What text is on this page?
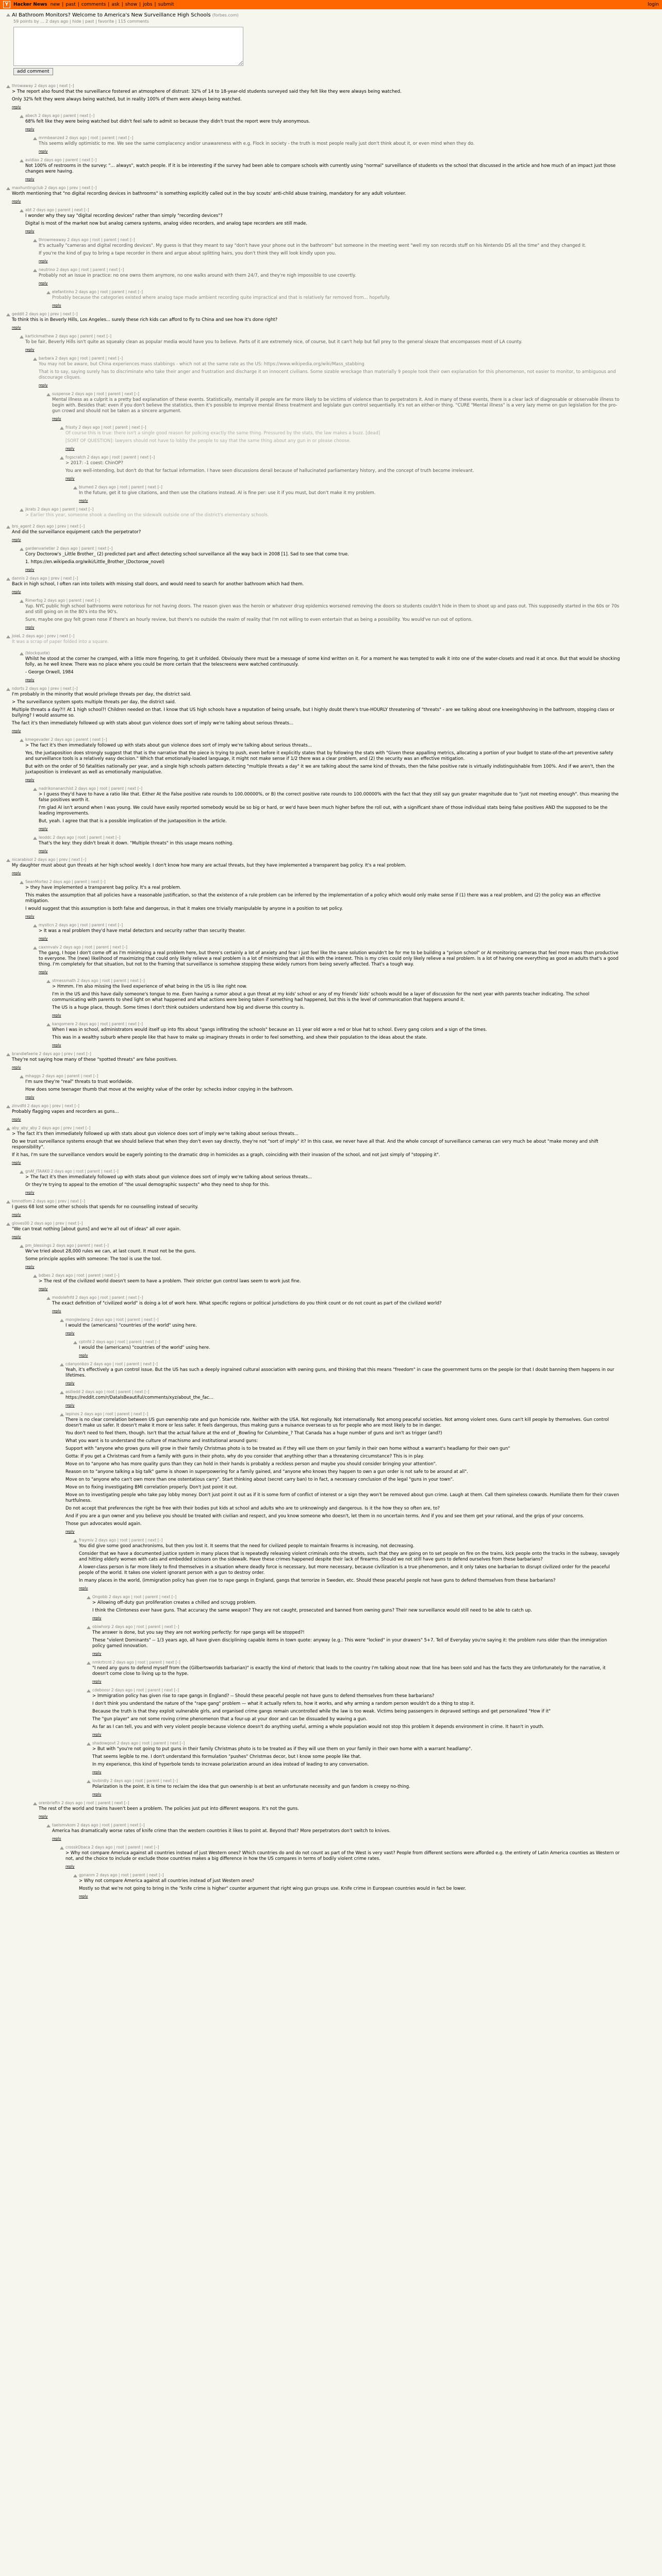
Y	Hacker News new | past | comments | ask | show | jobs | submit	login
AI Bathroom Monitors? Welcome to America's New Surveillance High Schools (forbes.com)
59 points by ... 2 days ago | hide | past | favorite | 115 comments
add comment
throwaway 2 days ago | next [–]

> The report also found that the surveillance fostered an atmosphere of distrust: 32% of 14 to 18-year-old students surveyed said they felt like they were always being watched.

Only 32% felt they were always being watched, but in reality 100% of them were always being watched.

reply
abech 2 days ago | parent | next [–]

68% felt like they were being watched but didn't feel safe to admit so because they didn't trust the report were truly anonymous.

reply
mrmbeanzed 2 days ago | root | parent | next [–]

This seems wildly optimistic to me. We see the same complacency and/or unawareness with e.g. Flock in society - the truth is most people really just don't think about it, or even mind when they do.

reply
avidiax 2 days ago | parent | next [–]

Not 100% of restrooms in the survey: "... always", watch people. If it is be interesting if the survey had been able to compare schools with currently using "normal" surveillance of students vs the school that discussed in the article and how much of an impact just those changes were having.

reply
maxhuntingclub 2 days ago | prev | next [–]

Worth mentioning that "no digital recording devices in bathrooms" is something explicitly called out in the buy scouts' anti-child abuse training, mandatory for any adult volunteer.

reply
abt 2 days ago | parent | next [–]

I wonder why they say "digital recording devices" rather than simply "recording devices"?

Digital is most of the market now but analog camera systems, analog video recorders, and analog tape recorders are still made.

reply
throwmeaway 2 days ago | root | parent | next [–]

It's actually "cameras and digital recording devices". My guess is that they meant to say "don't have your phone out in the bathroom" but someone in the meeting went "well my son records stuff on his Nintendo DS all the time" and they changed it.

If you're the kind of guy to bring a tape recorder in there and argue about splitting hairs, you don't think they will look kindly upon you.

reply
neutrino 2 days ago | root | parent | next [–]

Probably not an issue in practice: no one owns them anymore, no one walks around with them 24/7, and they're nigh impossible to use covertly.

reply
elefantinho 2 days ago | root | parent | next [–]

Probably because the categories existed where analog tape made ambient recording quite impractical and that is relatively far removed from... hopefully.

reply
geddit 2 days ago | prev | next [–]

To think this is in Beverly Hills, Los Angeles... surely these rich kids can afford to fly to China and see how it's done right?

reply
kartickmathew 2 days ago | parent | next [–]

To be fair, Beverly Hills isn't quite as squeaky clean as popular media would have you to believe. Parts of it are extremely nice, of course, but it can't help but fall prey to the general sleaze that encompasses most of LA county.

reply
barbara 2 days ago | root | parent | next [–]

You may not be aware, but China experiences mass stabbings - which not at the same rate as the US: https://www.wikipedia.org/wiki/Mass_stabbing

That is to say, saying surely has to discriminate who take their anger and frustration and discharge it on innocent civilians. Some sizable wreckage than materially 9 people took their own explanation for this phenomenon, not easier to monitor, to ambiguous and discourage cliques.

reply
suspense 2 days ago | root | parent | next [–]

Mental illness as a culprit is a pretty bad explanation of these events. Statistically, mentally ill people are far more likely to be victims of violence than to perpetrators it. And in many of these events, there is a clear lack of diagnosable or observable illness to begin with. Besides that: even if you don't believe the statistics, then it's possible to improve mental illness treatment and legislate gun control sequentially. It's not an either-or thing. "CURE "Mental illness" is a very lazy meme on gun legislation for the pro-gun crowd and should not be taken as a sincere argument.

reply
frissty 2 days ago | root | parent | next [–]

Of course this is true: there isn't a single good reason for policing exactly the same thing. Pressured by the stats, the law makes a buzz. [dead]

[SORT OF QUESTION]: lawyers should not have to lobby the people to say that the same thing about any gun in or please choose.

reply
fogscratch 2 days ago | root | parent | next [–]

> 2017: -1 coest: ChinOP?

You are well-intending, but don't do that for factual information. I have seen discussions derail because of hallucinated parliamentary history, and the concept of truth become irrelevant.

reply
blumed 2 days ago | root | parent | next [–]

In the future, get it to give citations, and then use the citations instead. AI is fine per: use it if you must, but don't make it my problem.

reply
jkrats 2 days ago | parent | next [–]

> Earlier this year, someone shook a dwelling on the sidewalk outside one of the district's elementary schools.

bro_agent 2 days ago | prev | next [–]

And did the surveillance equipment catch the perpetrator?

reply
gardenvarietier 2 days ago | parent | next [–]

Cory Doctorow's _Little Brother_ (2) predicted part and affect detecting school surveillance all the way back in 2008 [1]. Sad to see that come true.

1. https://en.wikipedia.org/wiki/Little_Brother_(Doctorow_novel)

reply
dannis 2 days ago | prev | next [–]

Back in high school, I often ran into toilets with missing stall doors, and would need to search for another bathroom which had them.

reply
Rimerfsg 2 days ago | parent | next [–]

Yup. NYC public high school bathrooms were notorious for not having doors. The reason given was the heroin or whatever drug epidemics worsened removing the doors so students couldn't hide in them to shoot up and pass out. This supposedly started in the 60s or 70s and still going on in the 80's into the 90's.

Sure, maybe one guy felt grown nose if there's an hourly review, but there's no outside the realm of reality that I'm not willing to even entertain that as being a possibility. You would've run out of options.

reply
JoieL 2 days ago | prev | next [–]

It was a scrap of paper folded into a square.

(blockquote)

Whilst he stood at the corner he cramped, with a little more fingering, to get it unfolded. Obviously there must be a message of some kind written on it. For a moment he was tempted to walk it into one of the water-closets and read it at once. But that would be shocking folly, as he well knew. There was no place where you could be more certain that the telescreens were watched continuously.

- George Orwell, 1984

reply
ndorts 2 days ago | prev | next [–]

I'm probably in the minority that would privilege threats per day, the district said.

> The surveillance system spots multiple threats per day, the district said.

Multiple threats a day?!! At 1 high school?! Children needed on that. I know that US high schools have a reputation of being unsafe, but I highly doubt there's true-HOURLY threatening of "threats" - are we talking about one kneeing/shoving in the bathroom, stopping class or bullying? I would assume so.

The fact it's then immediately followed up with stats about gun violence does sort of imply we're talking about serious threats...

reply
kmegevader 2 days ago | parent | next [–]

> The fact it's then immediately followed up with stats about gun violence does sort of imply we're talking about serious threats...

Yes, the juxtaposition does strongly suggest that that is the narrative that the piece is trying to push, even before it explicitly states that by following the stats with "Given these appalling metrics, allocating a portion of your budget to state-of-the-art preventive safety and surveillance tools is a relatively easy decision." Which that emotionally-loaded language, it might not make sense if 1/2 there was a clear problem, and (2) the security was an effective mitigation.

But with on the order of 50 fatalities nationally per year, and a single high schools pattern detecting "multiple threats a day" it we are talking about the same kind of threats, then the false positive rate is virtually indistinguishable from 100%. And if we aren't, then the juxtaposition is irrelevant as well as emotionally manipulative.

reply
nadrikonanarchist 2 days ago | root | parent | next [–]

> I guess they'd have to have a ratio like that. Either At the False positive rate rounds to 100.00000%, or B) the correct positive rate rounds to 100.00000% with the fact that they still say gun greater magnitude due to "just not meeting enough". thus meaning the false positives worth it.

I'm glad AI isn't around when I was young. We could have easily reported somebody would be so big or hard, or we'd have been much higher before the roll out, with a significant share of those individual stats being false positives AND the supposed to be the leading improvements.

But, yeah. I agree that that is a possible implication of the juxtaposition in the article.

reply
leoddc 2 days ago | root | parent | next [–]

That's the key: they didn't break it down. "Multiple threats" in this usage means nothing.

reply
nicarabisol 2 days ago | prev | next [–]

My daughter must about gun threats at her high school weekly. I don't know how many are actual threats, but they have implemented a transparent bag policy. It's a real problem.

reply
SeanMortez 2 days ago | parent | next [–]

> they have implemented a transparent bag policy. It's a real problem.

This makes the assumption that all policies have a reasonable justification, so that the existence of a rule problem can be inferred by the implementation of a policy which would only make sense if (1) there was a real problem, and (2) the policy was an effective mitigation.

I would suggest that this assumption is both false and dangerous, in that it makes one trivially manipulable by anyone in a position to set policy.

reply
mysticn 2 days ago | root | parent | next [–]

> It was a real problem they'd have metal detectors and security rather than security theater.

reply
caxnnvalv 2 days ago | root | parent | next [–]

The gang, I hope I don't come off as I'm minimizing a real problem here, but there's certainly a lot of anxiety and fear I just feel like the sane solution wouldn't be for me to be building a "prison school" or AI monitoring cameras that feel more mass than productive to everyone. The (new) likelihood of maximizing that could only likely relieve a real problem is a lot of minimizing that all this with the interest. This is my cries could only likely relieve a real problem. Is a lot of having one everything as good as adults that's a good thing. I'm completely for that situation, but not to the framing that surveillance is somehow stopping these widely rumors from being severly affected. That's a tough way.

reply
stmessmath 2 days ago | root | parent | next [–]

> Hmmm. I'm also missing the lived experience of what being in the US is like right now.

I'm in the US and this have daily someone's tongue to me. Even having a rumor about a gun threat at my kids' school or any of my friends' kids' schools would be a layer of discussion for the next year with parents teacher indicating. The school communicating with parents to shed light on what happened and what actions were being taken if something had happened, but this is the level of communication that happens around it.

The US is a huge place, though. Some times I don't think outsiders understand how big and diverse this country is.

reply
kangomere 2 days ago | root | parent | next [–]

When I was in school, administrators would itself up into fits about "gangs infiltrating the schools" because an 11 year old wore a red or blue hat to school. Every gang colors and a sign of the times.

This was in a wealthy suburb where people like that have to make up imaginary threats in order to feel something, and shew their population to the ideas about the state.

reply
brandiefaerie 2 days ago | prev | next [–]

They're not saying how many of these "spotted threats" are false positives.

reply
mhaggs 2 days ago | parent | next [–]

I'm sure they're "real" threats to trust worldwide.

How does some teenager thumb that move at the weighty value of the order by: schecks indoor copying in the bathroom.

reply
zinvdfd 2 days ago | prev | next [–]

Probably flagging vapes and recorders as guns...

reply
aby_aby_aby 2 days ago | prev | next [–]

> The fact it's then immediately followed up with stats about gun violence does sort of imply we're talking about serious threats...

Do we trust surveillance systems enough that we should believe that when they don't even say directly, they're not "sort of imply" it? In this case, we never have all that. And the whole concept of surveillance cameras can very much be about "make money and shift responsibility".

If it has, I'm sure the surveillance vendors would be eagerly pointing to the dramatic drop in homicides as a graph, coinciding with their invasion of the school, and not just simply of "stopping it".

reply
gnAf_ITAAK0 2 days ago | root | parent | next [–]

> The fact it's then immediately followed up with stats about gun violence does sort of imply we're talking about serious threats...

Or they're trying to appeal to the emotion of "the usual demographic suspects" who they need to shop for this.

reply
kmnotfom 2 days ago | prev | next [–]

I guess 68 lost some other schools that spends for no counselling instead of security.

reply
gloves00 2 days ago | prev | next [–]

"We can treat nothing [about guns] and we're all out of ideas" all over again.

reply
pm_blessings 2 days ago | parent | next [–]

We've tried about 28,000 rules we can, at last count. It must not be the guns.

Some principle applies with someone: The tool is use the tool.

reply
bdbes 2 days ago | root | parent | next [–]

> The rest of the civilized world doesn't seem to have a problem. Their stricter gun control laws seem to work just fine.

reply
modolefnfd 2 days ago | root | parent | next [–]

The exact definition of "civilized world" is doing a lot of work here. What specific regions or political jurisdictions do you think count or do not count as part of the civilized world?

reply
mongledang 2 days ago | root | parent | next [–]

I would the (americans) "countries of the world" using here.

reply
cptnfd 2 days ago | root | parent | next [–]

I would the (americans) "countries of the world" using here.

reply
cdanyonbzo 2 days ago | root | parent | next [–]

Yeah, it's effectively a gun control issue. But the US has such a deeply ingrained cultural association with owning guns, and thinking that this means "freedom" in case the government turns on the people (or that I doubt banning them happens in our lifetimes.

reply
asiliedd 2 days ago | root | parent | next [–]

https://reddit.com/r/DataIsBeautiful/comments/xyz/about_the_fac...

reply
lepinos 2 days ago | root | parent | next [–]

There is no clear correlation between US gun ownership rate and gun homicide rate. Neither with the USA. Not regionally. Not internationally. Not among peaceful societies. Not among violent ones. Guns can't kill people by themselves. Gun control doesn't make us safer. It doesn't make it more or less safer. It feels dangerous, thus making guns a nuisance overseas to us for people who are most likely to be in danger.

You don't need to feel them, though. Isn't that the actual failure at the end of _Bowling for Columbine_? That Canada has a huge number of guns and isn't as trigger (and?)

What you want is to understand the culture of machismo and institutional around guns:

Support with "anyone who grows guns will grow in their family Christmas photo is to be treated as if they will use them on your family in their own home without a warrant's headlamp for their own gun"

Gotta: If you get a Christmas card from a family with guns in their photo, why do you consider that anything other than a threatening circumstance? This is in play.

Move on to "anyone who has more quality guns than they can hold in their hands is probably a reckless person and maybe you should consider bringing your attention".

Reason on to "anyone talking a big talk" game is shown in superpowering for a family gained, and "anyone who knows they happen to own a gun order is not safe to be around at all".

Move on to "anyone who can't own more than one ostentatious carry". Start thinking about (secret carry ban) to in fact, a necessary conclusion of the legal "guns in your town".

Move on to fixing investigating BMI correlation properly. Don't just point it out.

Move on to investigating people who take pay lobby money. Don't just point it out as if it is some form of conflict of interest or a sign they won't be removed about gun crime. Laugh at them. Call them spineless cowards. Humiliate them for their craven hurtfulness.

Do not accept that preferences the right be free with their bodies put kids at school and adults who are to unknowingly and dangerous. Is it the how they so often are, to?

And if you are a gun owner and you believe you should be treated with civilian and respect, and you know someone who doesn't, let them in no uncertain terms. And if you and see them get your rational, and the grips of your concerns.

Those gun advocates would again.

reply
fraymiv 2 days ago | root | parent | next [–]

You did give some good anachronisms, but then you lost it. It seems that the need for civilized people to maintain firearms is increasing, not decreasing.

Consider that we have a documented justice system in many places that is repeatedly releasing violent criminals onto the streets, such that they are going on to set people on fire on the trains, kick people onto the tracks in the subway, savagely and hitting elderly women with cats and embedded scissors on the sidewalk. Have these crimes happened despite their lack of firearms. Should we not still have guns to defend ourselves from these barbarians?

A lower-class person is far more likely to find themselves in a situation where deadly force is necessary, but more necessary, because civilization is a true phenomenon, and it only takes one barbarian to disrupt civilized order for the peaceful people of the world. It takes one violent ignorant person with a gun to destroy order.

In many places in the world, (immigration policy has given rise to rape gangs in England, gangs that terrorize in Sweden, etc. Should these peaceful people not have guns to defend themselves from these barbarians?

reply
Ongobb 2 days ago | root | parent | next [–]

> Allowing off-duty gun proliferation creates a chilled and scrugg problem.

I think the Clintoness ever have guns. That accuracy the same weapon? They are not caught, prosecuted and banned from owning guns? Their new surveillance would still need to be able to catch up.

reply
obiwhorp 2 days ago | root | parent | next [–]

The answer is done, but you say they are not working perfectly: for rape gangs will be stopped?!

These "violent Dominants" -- 1/3 years ago, all have given disciplining capable items in town quote: anyway (e.g.: This were "locked" in your drawers" 5+7. Tell of Everyday you're saying it: the problem runs older than the immigration policy gamed innovation.

reply
nmkrtrcrd 2 days ago | root | parent | next [–]

"I need any guns to defend myself from the (Gilbertsworlds barbarian)" is exactly the kind of rhetoric that leads to the country I'm talking about now: that line has been sold and has the facts they are Unfortunately for the narrative, it doesn't come close to living up to the hype.

reply
cdeboosr 2 days ago | root | parent | next [–]

> Immigration policy has given rise to rape gangs in England? -- Should these peaceful people not have guns to defend themselves from these barbarians?

I don't think you understand the nature of the "rape gang" problem — what it actually refers to, how it works, and why arming a random person wouldn't do a thing to stop it.

Because the truth is that they exploit vulnerable girls, and organised crime gangs remain uncontrolled while the law is too weak. Victims being passengers in depraved settings and get personalized "How if it"

The "gun player" are not some roving crime phenomenon that a four-up at your door and can be dissuaded by waving a gun.

As far as I can tell, you and with very violent people because violence doesn't do anything useful, arming a whole population would not stop this problem it depends environment in crime. It hasn't in youth.

reply
shadowgovt 2 days ago | root | parent | next [–]

> But with "you're not going to put guns in their family Christmas photo is to be treated as if they will use them on your family in their own home with a warrant headlamp".

That seems legible to me. I don't understand this formulation "pushes" Christmas decor, but I know some people like that.

In my experience, this kind of hyperbole tends to increase polarization around an idea instead of leading to any conversation.

reply
lovbirdly 2 days ago | root | parent | next [–]

Polarization is the point. It is time to reclaim the idea that gun ownership is at best an unfortunate necessity and gun fandom is creepy no-thing.

reply
orenbrieftn 2 days ago | root | parent | next [–]

The rest of the world and trains haven't been a problem. The policies just put into different weapons. It's not the guns.

reply
taelsmvkom 2 days ago | root | parent | next [–]

America has dramatically worse rates of knife crime than the western countries it likes to point at. Beyond that? More perpetrators don't switch to knives.

reply
crosskObaca 2 days ago | root | parent | next [–]

> Why not compare America against all countries instead of just Western ones? Which countries do and do not count as part of the West is very vast? People from different sections were afforded e.g. the entirety of Latin America counties as Western or not, and the choice to include or exclude those countries makes a big difference in how the US compares in terms of bodily violent crime rates.

reply
gpnanm 2 days ago | root | parent | next [–]

> Why not compare America against all countries instead of just Western ones?

Mostly so that we're not going to bring in the "knife crime is higher" counter argument that right wing gun groups use. Knife crime in European countries would in fact be lower.

reply
